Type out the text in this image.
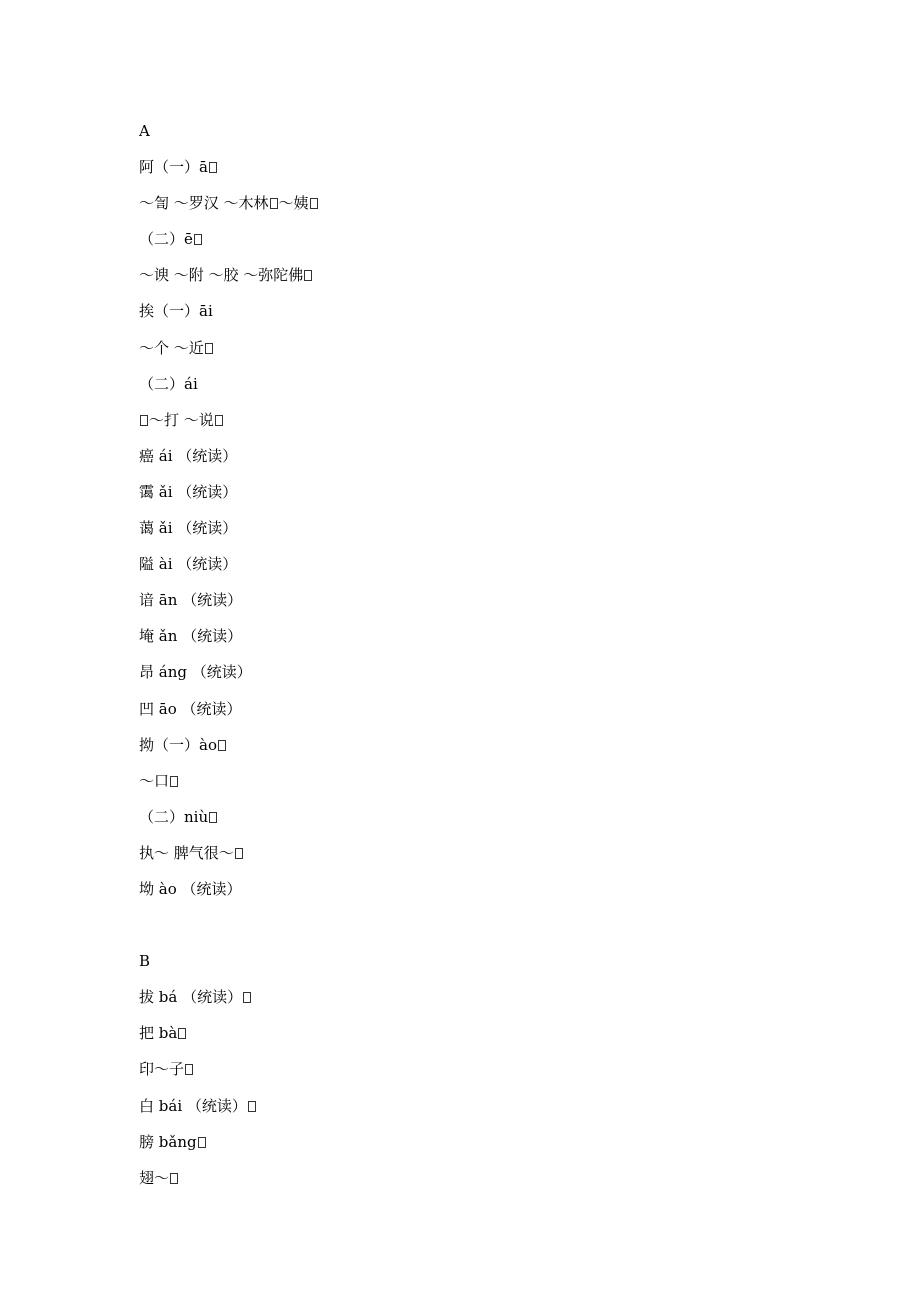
A
阿（一）ā
～訇 ～罗汉 ～木林 ～姨
（二）ē
～谀 ～附 ～胶 ～弥陀佛
挨（一）āi
～个 ～近
（二）ái
～打 ～说
癌 ái （统读）
霭 ǎi （统读）
蔼 ǎi （统读）
隘 ài （统读）
谙 ān （统读）
埯 ǎn （统读）
昂 áng （统读）
凹 āo （统读）
拗（一）ào
～口
（二）niù
执～ 脾气很～
坳 ào （统读）
B
拔 bá （统读）
把 bà
印～子
白 bái （统读）
膀 bǎng
翅～
